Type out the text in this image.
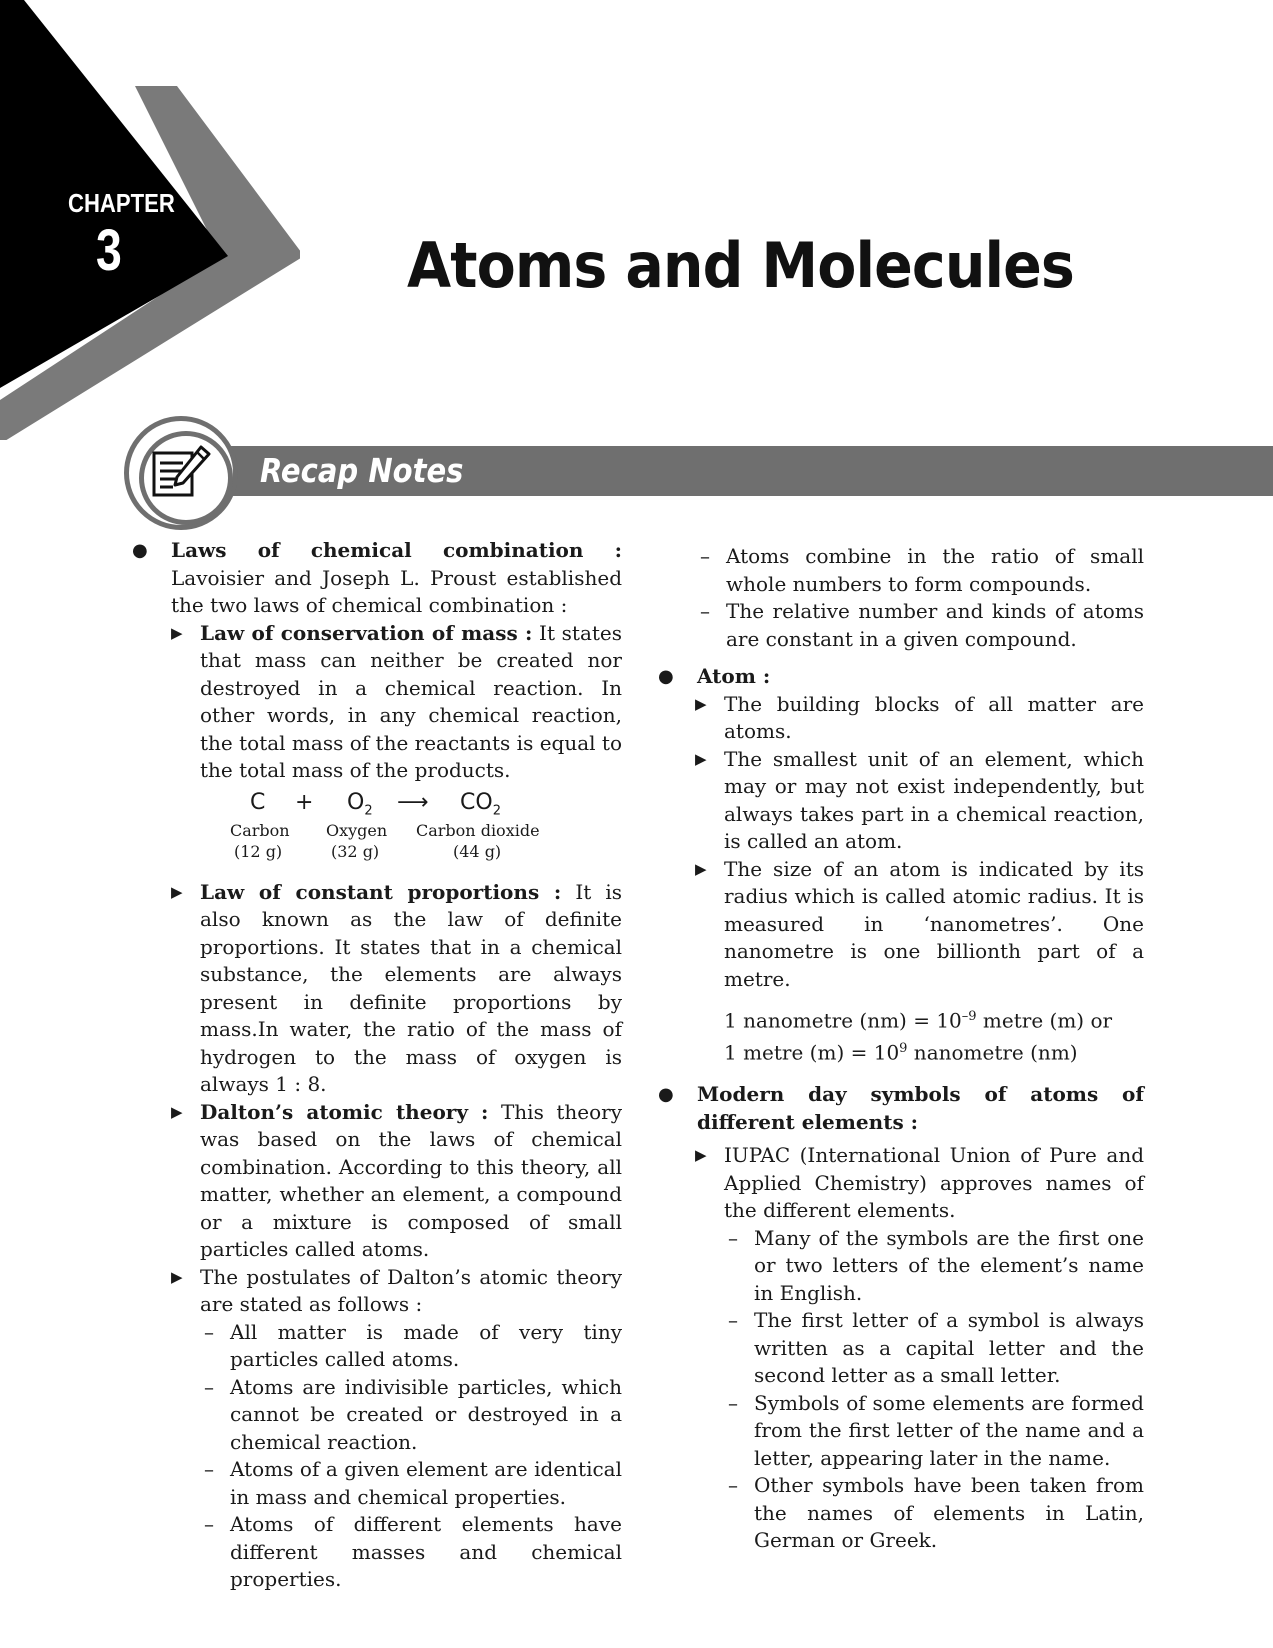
CHAPTER
3	Atoms and Molecules
Recap Notes
● Laws of chemical combination : Lavoisier and Joseph L. Proust established the two laws of chemical combination :

▶ Law of conservation of mass : It states that mass can neither be created nor destroyed in a chemical reaction. In other words, in any chemical reaction, the total mass of the reactants is equal to the total mass of the products.

$C + O_2$ ⟶ $CO_2$
Carbon Oxygen Carbon dioxide
(12 g)	(32 g)	(44 g)
▶ Law of constant proportions : It is also known as the law of definite proportions. It states that in a chemical substance, the elements are always present in definite proportions by mass.In water, the ratio of the mass of hydrogen to the mass of oxygen is always 1 : 8.

▶ Dalton’s atomic theory : This theory was based on the laws of chemical combination. According to this theory, all matter, whether an element, a compound or a mixture is composed of small particles called atoms.

▶ The postulates of Dalton’s atomic theory are stated as follows :

– All matter is made of very tiny particles called atoms.

– Atoms are indivisible particles, which cannot be created or destroyed in a chemical reaction.

– Atoms of a given element are identical in mass and chemical properties.

– Atoms of different elements have different masses and chemical properties.

– Atoms combine in the ratio of small whole numbers to form compounds.

– The relative number and kinds of atoms are constant in a given compound.

● Atom :

▶ The building blocks of all matter are atoms.

▶ The smallest unit of an element, which may or may not exist independently, but always takes part in a chemical reaction, is called an atom.

▶ The size of an atom is indicated by its radius which is called atomic radius. It is measured in ‘nanometres’. One nanometre is one billionth part of a metre.

1 nanometre $(nm) = 10^{-9}$ metre (m) or

1 metre $(m) = 10^9$ nanometre (nm)

● Modern day symbols of atoms of different elements :

▶ IUPAC (International Union of Pure and Applied Chemistry) approves names of the different elements.

– Many of the symbols are the first one or two letters of the element’s name in English.

– The first letter of a symbol is always written as a capital letter and the second letter as a small letter.

– Symbols of some elements are formed from the first letter of the name and a letter, appearing later in the name.

– Other symbols have been taken from the names of elements in Latin, German or Greek.
